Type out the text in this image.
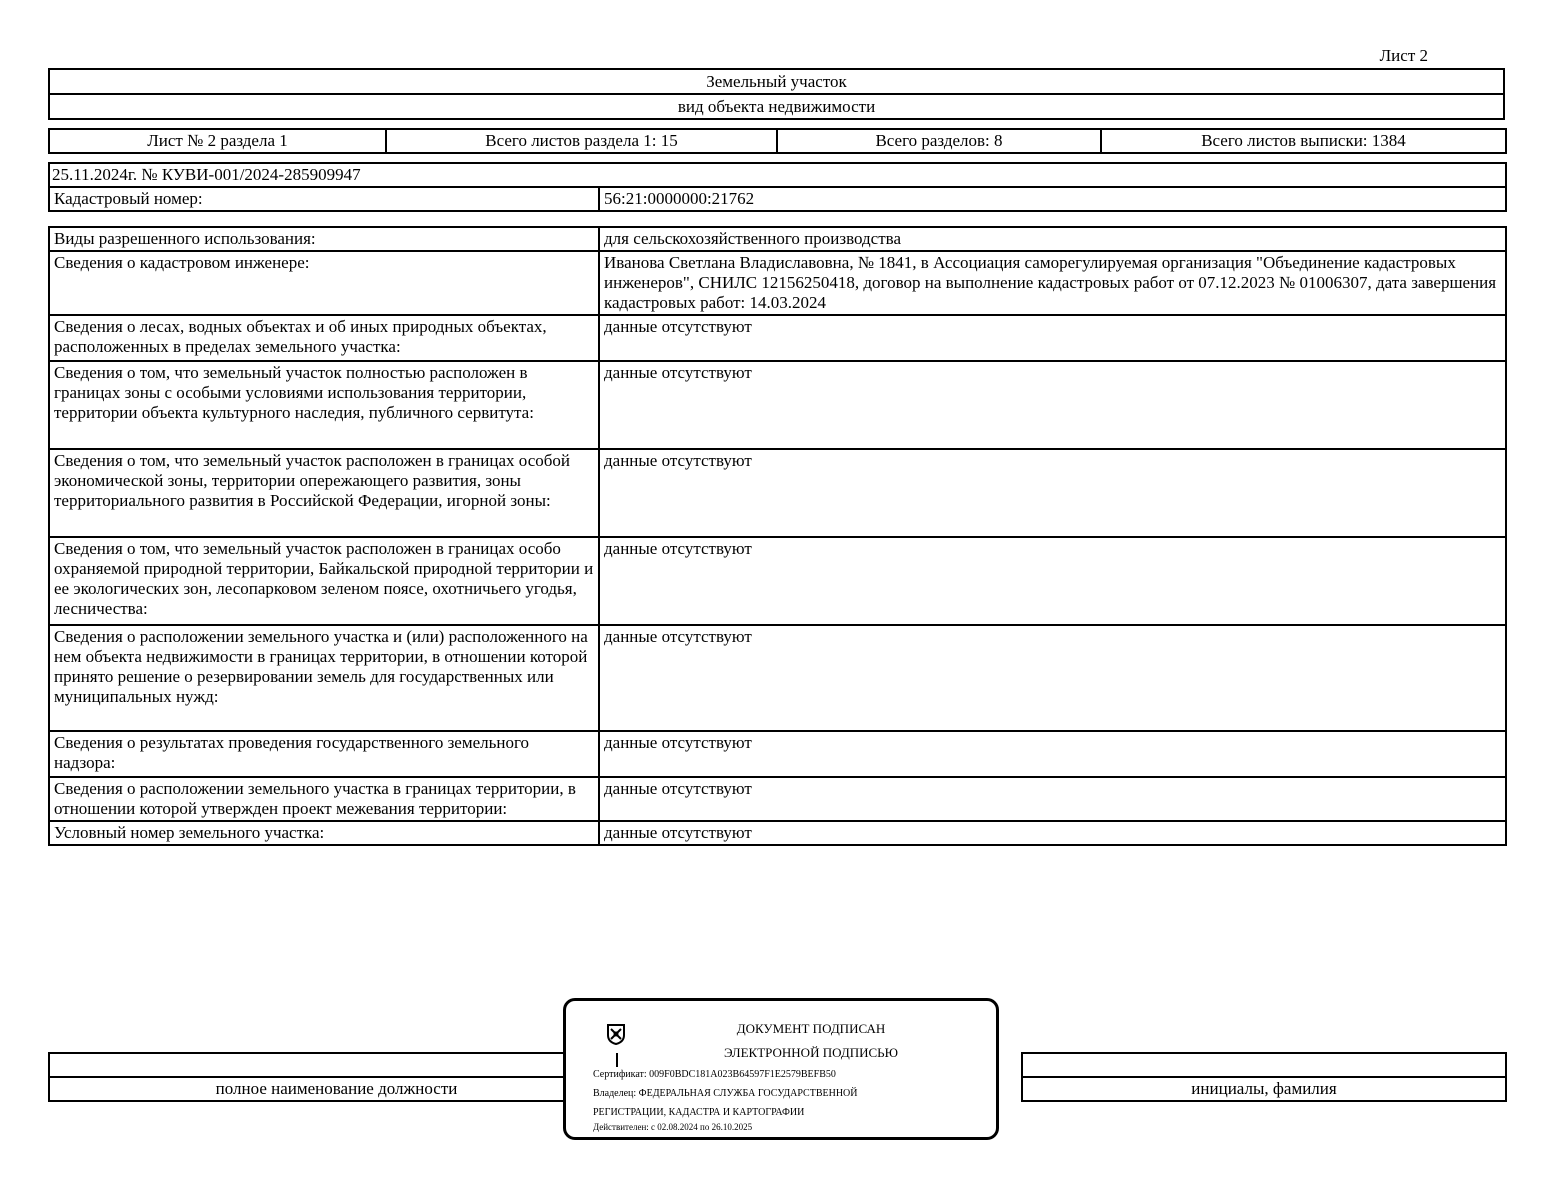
Лист 2
Земельный участок
вид объекта недвижимости
Лист № 2 раздела 1	Всего листов раздела 1: 15	Всего разделов: 8	Всего листов выписки: 1384
25.11.2024г. № КУВИ-001/2024-285909947
Кадастровый номер:	56:21:0000000:21762
Виды разрешенного использования:	для сельскохозяйственного производства
Сведения о кадастровом инженере:	Иванова Светлана Владиславовна, № 1841, в Ассоциация саморегулируемая организация "Объединение кадастровых инженеров", СНИЛС 12156250418, договор на выполнение кадастровых работ от 07.12.2023 № 01006307, дата завершения кадастровых работ: 14.03.2024
Сведения о лесах, водных объектах и об иных природных объектах, расположенных в пределах земельного участка:	данные отсутствуют
Сведения о том, что земельный участок полностью расположен в границах зоны с особыми условиями использования территории, территории объекта культурного наследия, публичного сервитута:	данные отсутствуют
Сведения о том, что земельный участок расположен в границах особой экономической зоны, территории опережающего развития, зоны территориального развития в Российской Федерации, игорной зоны:	данные отсутствуют
Сведения о том, что земельный участок расположен в границах особо охраняемой природной территории, Байкальской природной территории и ее экологических зон, лесопарковом зеленом поясе, охотничьего угодья, лесничества:	данные отсутствуют
Сведения о расположении земельного участка и (или) расположенного на нем объекта недвижимости в границах территории, в отношении которой принято решение о резервировании земель для государственных или муниципальных нужд:	данные отсутствуют
Сведения о результатах проведения государственного земельного надзора:	данные отсутствуют
Сведения о расположении земельного участка в границах территории, в отношении которой утвержден проект межевания территории:	данные отсутствуют
Условный номер земельного участка:	данные отсутствуют

полное наименование должности		инициалы, фамилия
ДОКУМЕНТ ПОДПИСАН
ЭЛЕКТРОННОЙ ПОДПИСЬЮ
Сертификат: 009F0BDC181A023B64597F1E2579BEFB50
Владелец: ФЕДЕРАЛЬНАЯ СЛУЖБА ГОСУДАРСТВЕННОЙ
РЕГИСТРАЦИИ, КАДАСТРА И КАРТОГРАФИИ
Действителен: с 02.08.2024 по 26.10.2025
